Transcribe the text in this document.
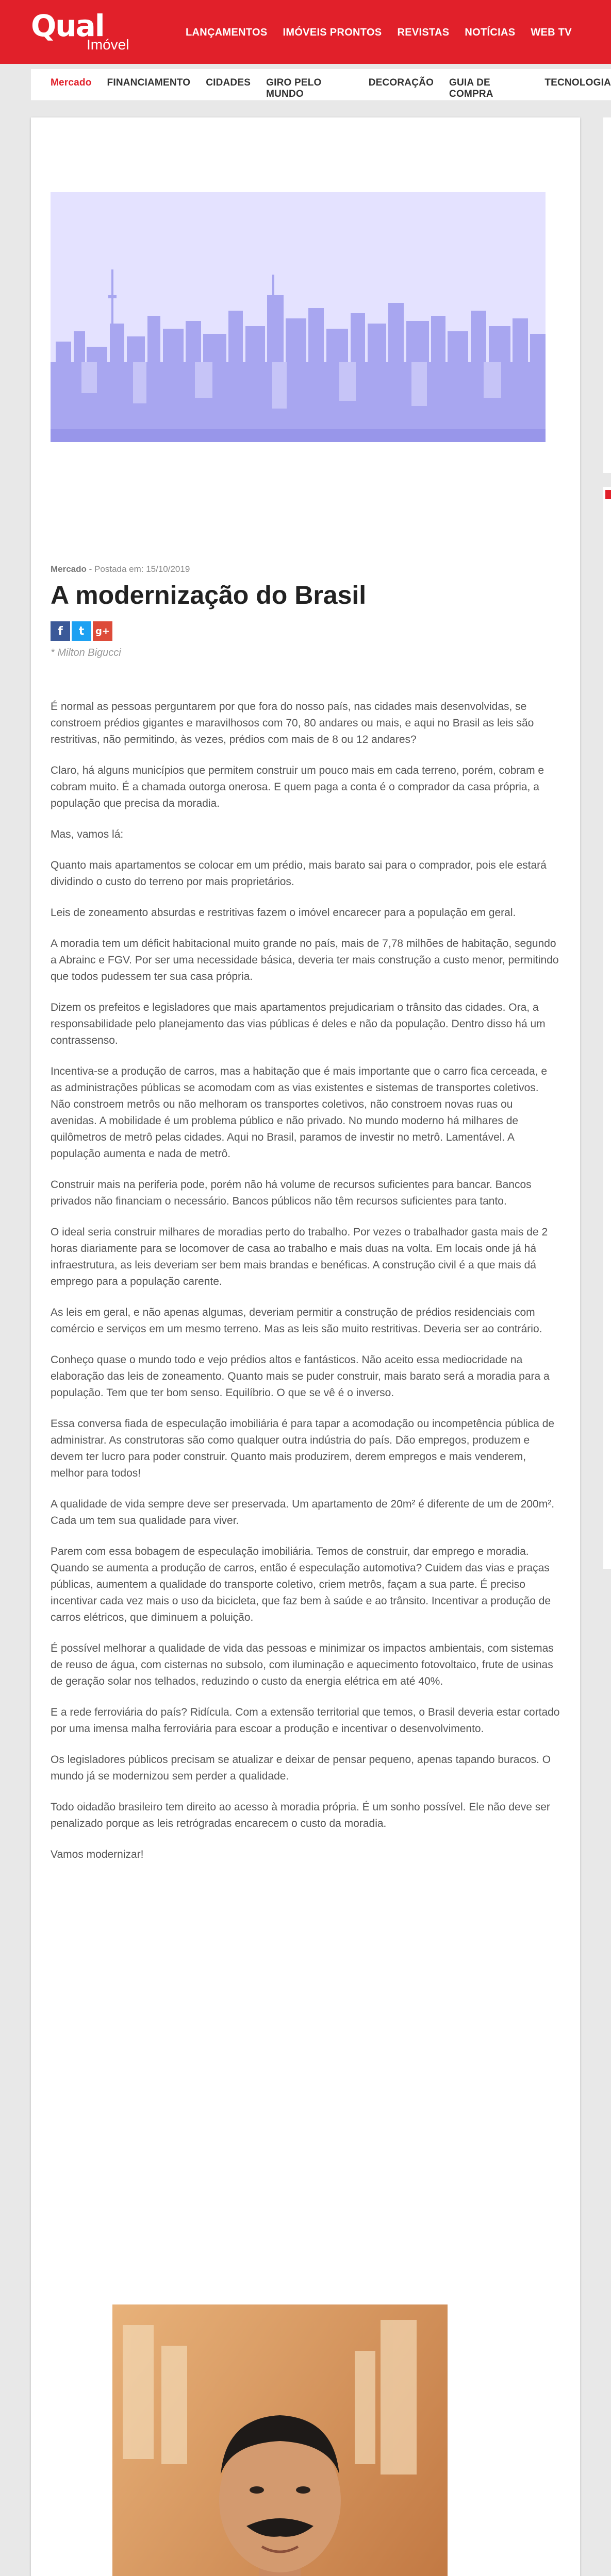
Qual
Imóvel
LANÇAMENTOS IMÓVEIS PRONTOS REVISTAS NOTÍCIAS WEB TV
Mercado FINANCIAMENTO CIDADES GIRO PELO MUNDO
DECORAÇÃO GUIA DE COMPRA
TECNOLOGIA
Mercado - Postada em: 15/10/2019
A modernização do Brasil
f	t	g+
* Milton Bigucci

É normal as pessoas perguntarem por que fora do nosso país, nas cidades mais desenvolvidas, se constroem prédios gigantes e maravilhosos com 70, 80 andares ou mais, e aqui no Brasil as leis são restritivas, não permitindo, às vezes, prédios com mais de 8 ou 12 andares?

Claro, há alguns municípios que permitem construir um pouco mais em cada terreno, porém, cobram e cobram muito. É a chamada outorga onerosa. E quem paga a conta é o comprador da casa própria, a população que precisa da moradia.

Mas, vamos lá:

Quanto mais apartamentos se colocar em um prédio, mais barato sai para o comprador, pois ele estará dividindo o custo do terreno por mais proprietários.

Leis de zoneamento absurdas e restritivas fazem o imóvel encarecer para a população em geral.

A moradia tem um déficit habitacional muito grande no país, mais de 7,78 milhões de habitação, segundo a Abrainc e FGV. Por ser uma necessidade básica, deveria ter mais construção a custo menor, permitindo que todos pudessem ter sua casa própria.

Dizem os prefeitos e legisladores que mais apartamentos prejudicariam o trânsito das cidades. Ora, a responsabilidade pelo planejamento das vias públicas é deles e não da população. Dentro disso há um contrassenso.

Incentiva-se a produção de carros, mas a habitação que é mais importante que o carro fica cerceada, e as administrações públicas se acomodam com as vias existentes e sistemas de transportes coletivos. Não constroem metrôs ou não melhoram os transportes coletivos, não constroem novas ruas ou avenidas. A mobilidade é um problema público e não privado. No mundo moderno há milhares de quilômetros de metrô pelas cidades. Aqui no Brasil, paramos de investir no metrô. Lamentável. A população aumenta e nada de metrô.

Construir mais na periferia pode, porém não há volume de recursos suficientes para bancar. Bancos privados não financiam o necessário. Bancos públicos não têm recursos suficientes para tanto.

O ideal seria construir milhares de moradias perto do trabalho. Por vezes o trabalhador gasta mais de 2 horas diariamente para se locomover de casa ao trabalho e mais duas na volta. Em locais onde já há infraestrutura, as leis deveriam ser bem mais brandas e benéficas. A construção civil é a que mais dá emprego para a população carente.

As leis em geral, e não apenas algumas, deveriam permitir a construção de prédios residenciais com comércio e serviços em um mesmo terreno. Mas as leis são muito restritivas. Deveria ser ao contrário.

Conheço quase o mundo todo e vejo prédios altos e fantásticos. Não aceito essa mediocridade na elaboração das leis de zoneamento. Quanto mais se puder construir, mais barato será a moradia para a população. Tem que ter bom senso. Equilíbrio. O que se vê é o inverso.

Essa conversa fiada de especulação imobiliária é para tapar a acomodação ou incompetência pública de administrar. As construtoras são como qualquer outra indústria do país. Dão empregos, produzem e devem ter lucro para poder construir. Quanto mais produzirem, derem empregos e mais venderem, melhor para todos!

A qualidade de vida sempre deve ser preservada. Um apartamento de 20m² é diferente de um de 200m². Cada um tem sua qualidade para viver.

Parem com essa bobagem de especulação imobiliária. Temos de construir, dar emprego e moradia. Quando se aumenta a produção de carros, então é especulação automotiva? Cuidem das vias e praças públicas, aumentem a qualidade do transporte coletivo, criem metrôs, façam a sua parte. É preciso incentivar cada vez mais o uso da bicicleta, que faz bem à saúde e ao trânsito. Incentivar a produção de carros elétricos, que diminuem a poluição.

É possível melhorar a qualidade de vida das pessoas e minimizar os impactos ambientais, com sistemas de reuso de água, com cisternas no subsolo, com iluminação e aquecimento fotovoltaico, frute de usinas de geração solar nos telhados, reduzindo o custo da energia elétrica em até 40%.

E a rede ferroviária do país? Ridícula. Com a extensão territorial que temos, o Brasil deveria estar cortado por uma imensa malha ferroviária para escoar a produção e incentivar o desenvolvimento.

Os legisladores públicos precisam se atualizar e deixar de pensar pequeno, apenas tapando buracos. O mundo já se modernizou sem perder a qualidade.

Todo oidadão brasileiro tem direito ao acesso à moradia própria. É um sonho possível. Ele não deve ser penalizado porque as leis retrógradas encarecem o custo da moradia.

Vamos modernizar!
